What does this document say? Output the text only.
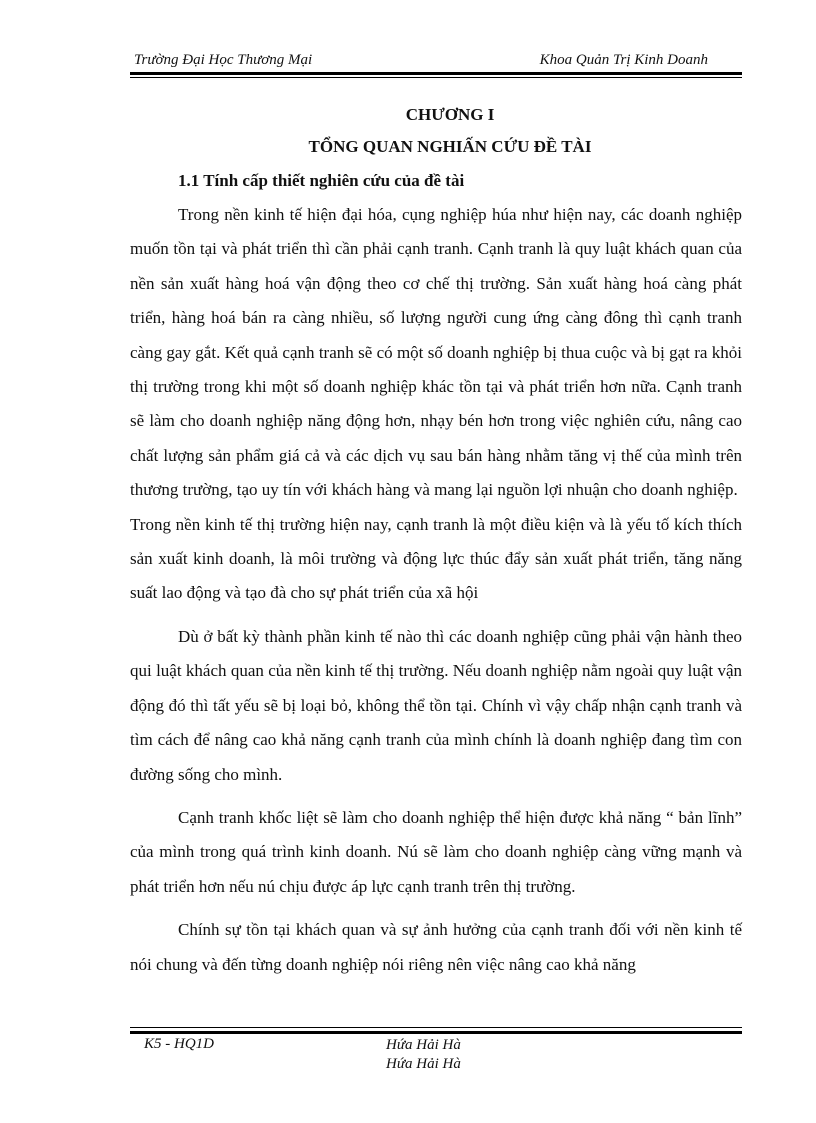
Trường Đại Học Thương Mại	Khoa Quản Trị Kinh Doanh
CHƯƠNG I
TỔNG QUAN NGHIẤN CỨU ĐỀ TÀI
1.1 Tính cấp thiết nghiên cứu của đề tài

Trong nền kinh tế hiện đại hóa, cụng nghiệp húa như hiện nay, các doanh nghiệp muốn tồn tại và phát triển thì cần phải cạnh tranh. Cạnh tranh là quy luật khách quan của nền sản xuất hàng hoá vận động theo cơ chế thị trường. Sản xuất hàng hoá càng phát triển, hàng hoá bán ra càng nhiều, số lượng người cung ứng càng đông thì cạnh tranh càng gay gắt. Kết quả cạnh tranh sẽ có một số doanh nghiệp bị thua cuộc và bị gạt ra khỏi thị trường trong khi một số doanh nghiệp khác tồn tại và phát triển hơn nữa. Cạnh tranh sẽ làm cho doanh nghiệp năng động hơn, nhạy bén hơn trong việc nghiên cứu, nâng cao chất lượng sản phẩm giá cả và các dịch vụ sau bán hàng nhằm tăng vị thế của mình trên thương trường, tạo uy tín với khách hàng và mang lại nguồn lợi nhuận cho doanh nghiệp.

Trong nền kinh tế thị trường hiện nay, cạnh tranh là một điều kiện và là yếu tố kích thích sản xuất kinh doanh, là môi trường và động lực thúc đẩy sản xuất phát triển, tăng năng suất lao động và tạo đà cho sự phát triển của xã hội

Dù ở bất kỳ thành phần kinh tế nào thì các doanh nghiệp cũng phải vận hành theo qui luật khách quan của nền kinh tế thị trường. Nếu doanh nghiệp nằm ngoài quy luật vận động đó thì tất yếu sẽ bị loại bỏ, không thể tồn tại. Chính vì vậy chấp nhận cạnh tranh và tìm cách để nâng cao khả năng cạnh tranh của mình chính là doanh nghiệp đang tìm con đường sống cho mình.

Cạnh tranh khốc liệt sẽ làm cho doanh nghiệp thể hiện được khả năng “ bản lĩnh” của mình trong quá trình kinh doanh. Nú sẽ làm cho doanh nghiệp càng vững mạnh và phát triển hơn nếu nú chịu được áp lực cạnh tranh trên thị trường.

Chính sự tồn tại khách quan và sự ảnh hưởng của cạnh tranh đối với nền kinh tế nói chung và đến từng doanh nghiệp nói riêng nên việc nâng cao khả năng

K5 - HQ1D	Hứa Hải Hà
Hứa Hải Hà
